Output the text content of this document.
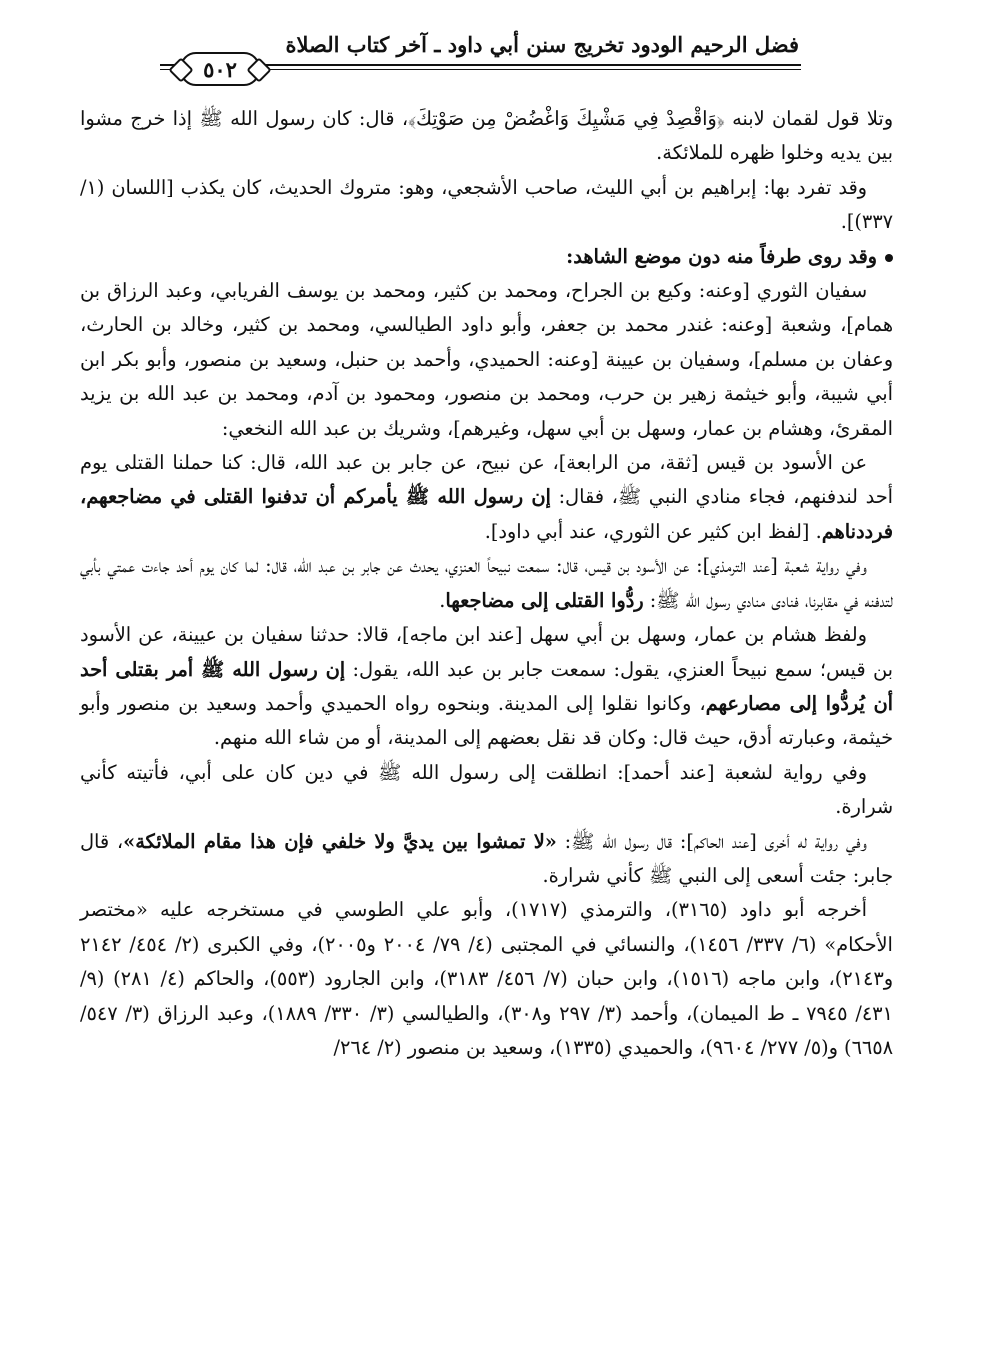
فضل الرحيم الودود تخريج سنن أبي داود ـ آخر كتاب الصلاة
٥٠٢

وتلا قول لقمان لابنه ﴿وَاقْصِدْ فِي مَشْيِكَ وَاغْضُضْ مِن صَوْتِكَ﴾، قال: كان رسول الله ﷺ إذا خرج مشوا بين يديه وخلوا ظهره للملائكة.

وقد تفرد بها: إبراهيم بن أبي الليث، صاحب الأشجعي، وهو: متروك الحديث، كان يكذب [اللسان (١/ ٣٣٧)].

وقد روى طرفاً منه دون موضع الشاهد:

سفيان الثوري [وعنه: وكيع بن الجراح، ومحمد بن كثير، ومحمد بن يوسف الفريابي، وعبد الرزاق بن همام]، وشعبة [وعنه: غندر محمد بن جعفر، وأبو داود الطيالسي، ومحمد بن كثير، وخالد بن الحارث، وعفان بن مسلم]، وسفيان بن عيينة [وعنه: الحميدي، وأحمد بن حنبل، وسعيد بن منصور، وأبو بكر ابن أبي شيبة، وأبو خيثمة زهير بن حرب، ومحمد بن منصور، ومحمود بن آدم، ومحمد بن عبد الله بن يزيد المقرئ، وهشام بن عمار، وسهل بن أبي سهل، وغيرهم]، وشريك بن عبد الله النخعي:

عن الأسود بن قيس [ثقة، من الرابعة]، عن نبيح، عن جابر بن عبد الله، قال: كنا حملنا القتلى يوم أحد لندفنهم، فجاء منادي النبي ﷺ، فقال: إن رسول الله ﷺ يأمركم أن تدفنوا القتلى في مضاجعهم، فرددناهم. [لفظ ابن كثير عن الثوري، عند أبي داود].

وفي رواية شعبة [عند الترمذي]: عن الأسود بن قيس، قال: سمعت نبيحاً العنزي، يحدث عن جابر بن عبد الله، قال: لما كان يوم أحد جاءت عمتي بأبي لتدفنه في مقابرنا، فنادى منادي رسول الله ﷺ: ردُّوا القتلى إلى مضاجعها.

ولفظ هشام بن عمار، وسهل بن أبي سهل [عند ابن ماجه]، قالا: حدثنا سفيان بن عيينة، عن الأسود بن قيس؛ سمع نبيحاً العنزي، يقول: سمعت جابر بن عبد الله، يقول: إن رسول الله ﷺ أمر بقتلى أحد أن يُردُّوا إلى مصارعهم، وكانوا نقلوا إلى المدينة. وبنحوه رواه الحميدي وأحمد وسعيد بن منصور وأبو خيثمة، وعبارته أدق، حيث قال: وكان قد نقل بعضهم إلى المدينة، أو من شاء الله منهم.

وفي رواية لشعبة [عند أحمد]: انطلقت إلى رسول الله ﷺ في دين كان على أبي، فأتيته كأني شرارة.

وفي رواية له أخرى [عند الحاكم]: قال رسول الله ﷺ: «لا تمشوا بين يديَّ ولا خلفي فإن هذا مقام الملائكة»، قال جابر: جئت أسعى إلى النبي ﷺ كأني شرارة.

أخرجه أبو داود (٣١٦٥)، والترمذي (١٧١٧)، وأبو علي الطوسي في مستخرجه عليه «مختصر الأحكام» (٦/ ٣٣٧/ ١٤٥٦)، والنسائي في المجتبى (٤/ ٧٩/ ٢٠٠٤ و٢٠٠٥)، وفي الكبرى (٢/ ٤٥٤/ ٢١٤٢ و٢١٤٣)، وابن ماجه (١٥١٦)، وابن حبان (٧/ ٤٥٦/ ٣١٨٣)، وابن الجارود (٥٥٣)، والحاكم (٤/ ٢٨١) (٩/ ٤٣١/ ٧٩٤٥ ـ ط الميمان)، وأحمد (٣/ ٢٩٧ و٣٠٨)، والطيالسي (٣/ ٣٣٠/ ١٨٨٩)، وعبد الرزاق (٣/ ٥٤٧/ ٦٦٥٨) و(٥/ ٢٧٧/ ٩٦٠٤)، والحميدي (١٣٣٥)، وسعيد بن منصور (٢/ ٢٦٤/
